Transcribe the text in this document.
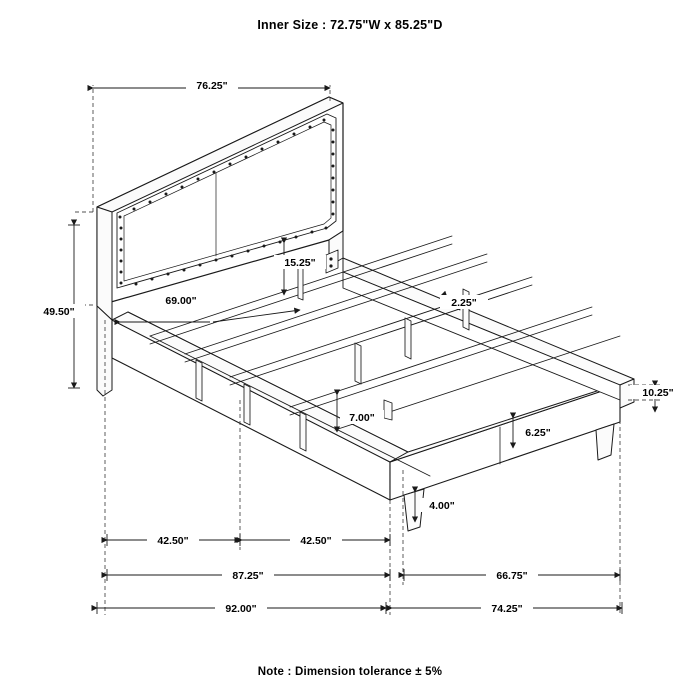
Inner Size : 72.75"W x 85.25"D
76.25"
15.25"
49.50"
69.00"	2.25"
10.25"
7.00"
6.25"
4.00"
42.50"	42.50"
87.25"	66.75"
92.00"	74.25"
Note : Dimension tolerance ± 5%
